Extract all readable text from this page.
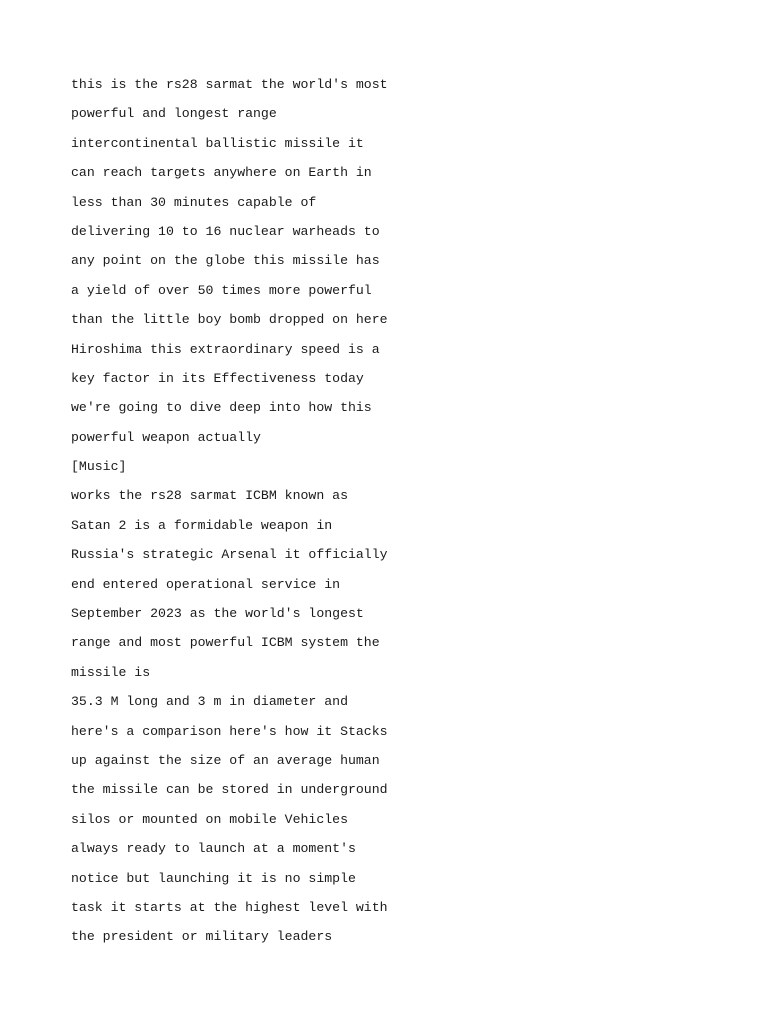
this is the rs28 sarmat the world's most
powerful and longest range
intercontinental ballistic missile it
can reach targets anywhere on Earth in
less than 30 minutes capable of
delivering 10 to 16 nuclear warheads to
any point on the globe this missile has
a yield of over 50 times more powerful
than the little boy bomb dropped on here
Hiroshima this extraordinary speed is a
key factor in its Effectiveness today
we're going to dive deep into how this
powerful weapon actually
[Music]
works the rs28 sarmat ICBM known as
Satan 2 is a formidable weapon in
Russia's strategic Arsenal it officially
end entered operational service in
September 2023 as the world's longest
range and most powerful ICBM system the
missile is
35.3 M long and 3 m in diameter and
here's a comparison here's how it Stacks
up against the size of an average human
the missile can be stored in underground
silos or mounted on mobile Vehicles
always ready to launch at a moment's
notice but launching it is no simple
task it starts at the highest level with
the president or military leaders
